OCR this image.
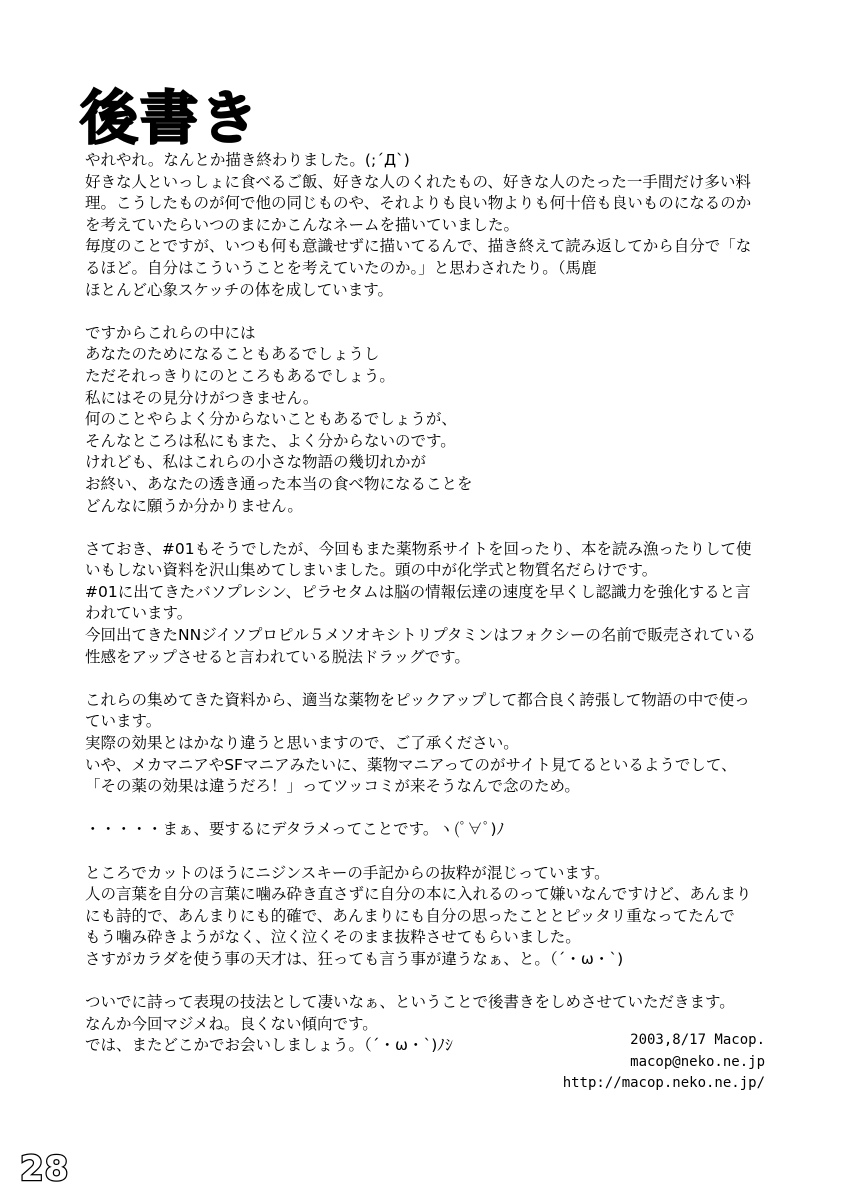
後書き
やれやれ。なんとか描き終わりました。(;´Д`)
好きな人といっしょに食べるご飯、好きな人のくれたもの、好きな人のたった一手間だけ多い料
理。こうしたものが何で他の同じものや、それよりも良い物よりも何十倍も良いものになるのか
を考えていたらいつのまにかこんなネームを描いていました。
毎度のことですが、いつも何も意識せずに描いてるんで、描き終えて読み返してから自分で「な
るほど。自分はこういうことを考えていたのか。」と思わされたり。（馬鹿
ほとんど心象スケッチの体を成しています。
ですからこれらの中には
あなたのためになることもあるでしょうし
ただそれっきりにのところもあるでしょう。
私にはその見分けがつきません。
何のことやらよく分からないこともあるでしょうが、
そんなところは私にもまた、よく分からないのです。
けれども、私はこれらの小さな物語の幾切れかが
お終い、あなたの透き通った本当の食べ物になることを
どんなに願うか分かりません。
さておき、#01もそうでしたが、今回もまた薬物系サイトを回ったり、本を読み漁ったりして使
いもしない資料を沢山集めてしまいました。頭の中が化学式と物質名だらけです。
#01に出てきたバソプレシン、ピラセタムは脳の情報伝達の速度を早くし認識力を強化すると言
われています。
今回出てきたNNジイソプロピル５メソオキシトリプタミンはフォクシーの名前で販売されている
性感をアップさせると言われている脱法ドラッグです。
これらの集めてきた資料から、適当な薬物をピックアップして都合良く誇張して物語の中で使っ
ています。
実際の効果とはかなり違うと思いますので、ご了承ください。
いや、メカマニアやSFマニアみたいに、薬物マニアってのがサイト見てるといるようでして、
「その薬の効果は違うだろ！」ってツッコミが来そうなんで念のため。
・・・・・まぁ、要するにデタラメってことです。ヽ(ﾟ∀ﾟ)ﾉ
ところでカットのほうにニジンスキーの手記からの抜粋が混じっています。
人の言葉を自分の言葉に噛み砕き直さずに自分の本に入れるのって嫌いなんですけど、あんまり
にも詩的で、あんまりにも的確で、あんまりにも自分の思ったこととピッタリ重なってたんで
もう噛み砕きようがなく、泣く泣くそのまま抜粋させてもらいました。
さすがカラダを使う事の天才は、狂っても言う事が違うなぁ、と。（´・ω・`)
ついでに詩って表現の技法として凄いなぁ、ということで後書きをしめさせていただきます。
なんか今回マジメね。良くない傾向です。
では、またどこかでお会いしましょう。（´・ω・`)ﾉｼ	2003,8/17 Macop.
macop@neko.ne.jp
http://macop.neko.ne.jp/
28
